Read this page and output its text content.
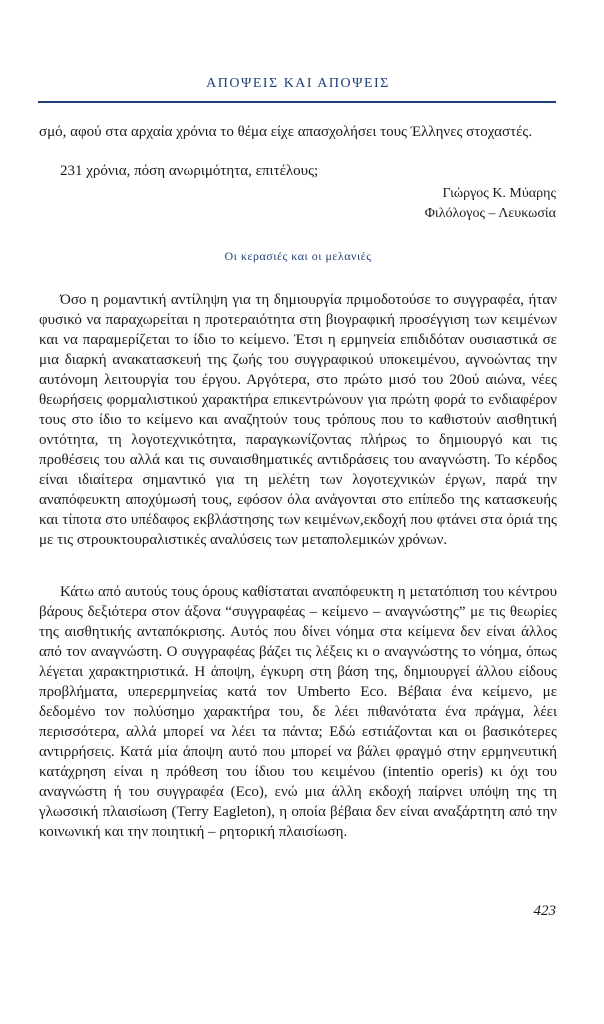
ΑΠΟΨΕΙΣ ΚΑΙ ΑΠΟΨΕΙΣ

σμό, αφού στα αρχαία χρόνια το θέμα είχε απασχολήσει τους Έλληνες στοχαστές.

231 χρόνια, πόση ανωριμότητα, επιτέλους;

Γιώργος Κ. Μύαρης
Φιλόλογος – Λευκωσία
Οι κερασιές και οι μελανιές

Όσο η ρομαντική αντίληψη για τη δημιουργία πριμοδοτούσε το συγγραφέα, ήταν φυσικό να παραχωρείται η προτεραιότητα στη βιογραφική προσέγγιση των κειμένων και να παραμερίζεται το ίδιο το κείμενο. Έτσι η ερμηνεία επιδιδόταν ουσιαστικά σε μια διαρκή ανακατασκευή της ζωής του συγγραφικού υποκειμένου, αγνοώντας την αυτόνομη λειτουργία του έργου. Αργότερα, στο πρώτο μισό του 20ού αιώνα, νέες θεωρήσεις φορμαλιστικού χαρακτήρα επικεντρώνουν για πρώτη φορά το ενδιαφέρον τους στο ίδιο το κείμενο και αναζητούν τους τρόπους που το καθιστούν αισθητική οντότητα, τη λογοτεχνικότητα, παραγκωνίζοντας πλήρως το δημιουργό και τις προθέσεις του αλλά και τις συναισθηματικές αντιδράσεις του αναγνώστη. Το κέρδος είναι ιδιαίτερα σημαντικό για τη μελέτη των λογοτεχνικών έργων, παρά την αναπόφευκτη αποχύμωσή τους, εφόσον όλα ανάγονται στο επίπεδο της κατασκευής και τίποτα στο υπέδαφος εκβλάστησης των κειμένων,εκδοχή που φτάνει στα όριά της με τις στρουκτουραλιστικές αναλύσεις των μεταπολεμικών χρόνων.

Κάτω από αυτούς τους όρους καθίσταται αναπόφευκτη η μετατόπιση του κέντρου βάρους δεξιότερα στον άξονα “συγγραφέας – κείμενο – αναγνώστης” με τις θεωρίες της αισθητικής ανταπόκρισης. Αυτός που δίνει νόημα στα κείμενα δεν είναι άλλος από τον αναγνώστη. Ο συγγραφέας βάζει τις λέξεις κι ο αναγνώστης το νόημα, όπως λέγεται χαρακτηριστικά. Η άποψη, έγκυρη στη βάση της, δημιουργεί άλλου είδους προβλήματα, υπερερμηνείας κατά τον Umberto Eco. Βέβαια ένα κείμενο, με δεδομένο τον πολύσημο χαρακτήρα του, δε λέει πιθανότατα ένα πράγμα, λέει περισσότερα, αλλά μπορεί να λέει τα πάντα; Εδώ εστιάζονται και οι βασικότερες αντιρρήσεις. Κατά μία άποψη αυτό που μπορεί να βάλει φραγμό στην ερμηνευτική κατάχρηση είναι η πρόθεση του ίδιου του κειμένου (intentio operis) κι όχι του αναγνώστη ή του συγγραφέα (Eco), ενώ μια άλλη εκδοχή παίρνει υπόψη της τη γλωσσική πλαισίωση (Terry Eagleton), η οποία βέβαια δεν είναι αναξάρτητη από την κοινωνική και την ποιητική – ρητορική πλαισίωση.

423
